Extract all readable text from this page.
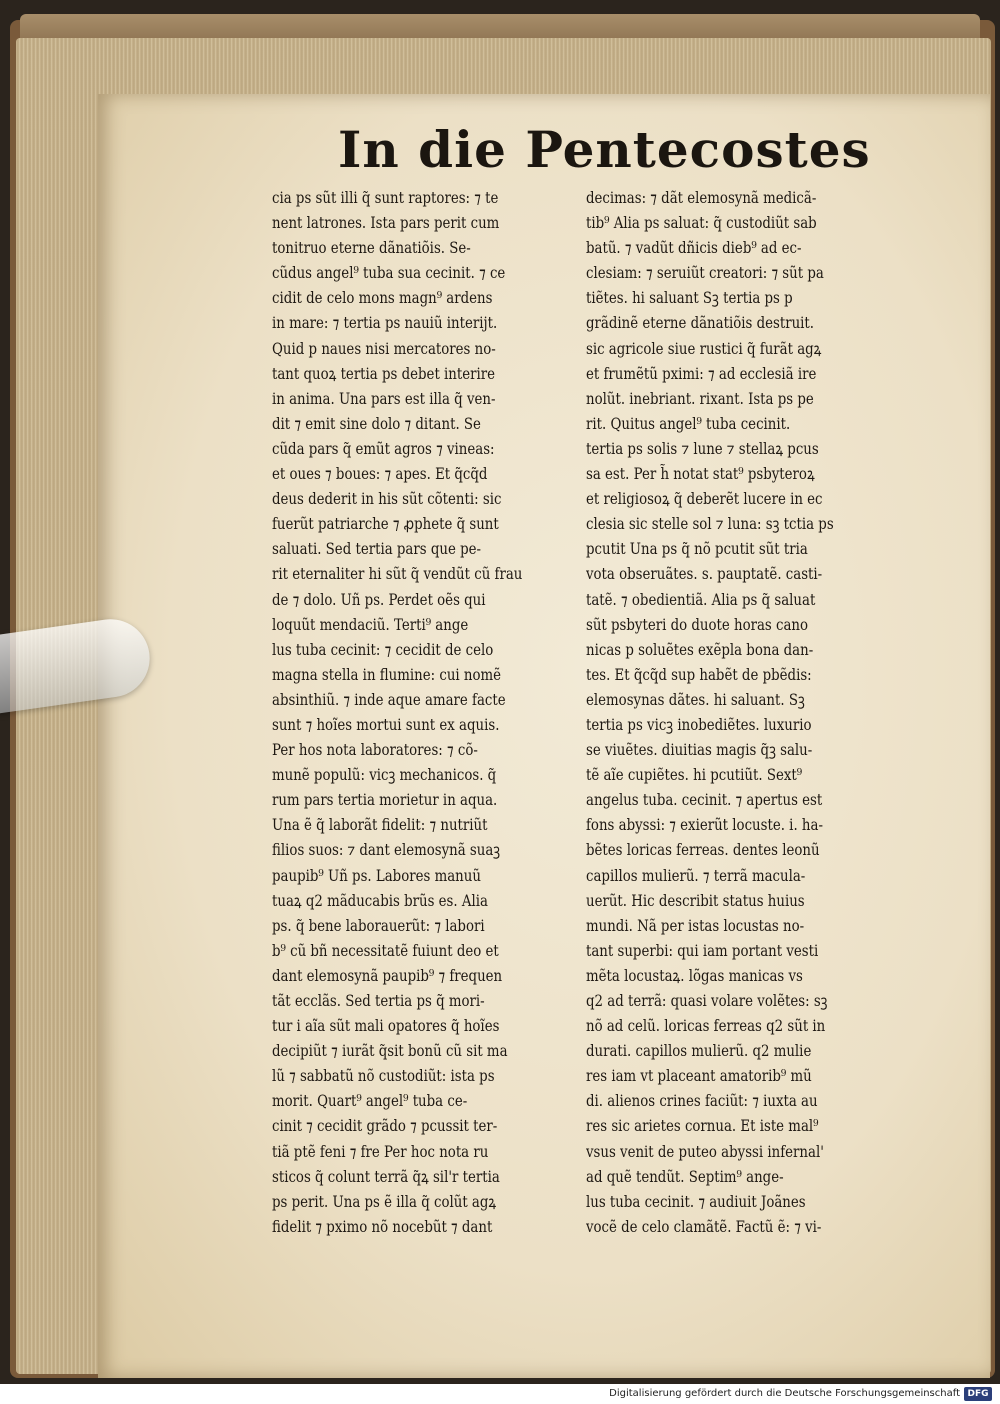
In die Pentecostes
cia ps sũt illi q̃ sunt raptores: ⁊ te
nent latrones. Ista pars perit cum
tonitruo eterne dãnatiõis. Se-
cũdus angel⁹ tuba sua cecinit. ⁊ ce
cidit de celo mons magn⁹ ardens
in mare: ⁊ tertia ps nauiũ interijt.
Quid p naues nisi mercatores no-
tant quoꝝ tertia ps debet interire
in anima. Una pars est illa q̃ ven-
dit ⁊ emit sine dolo ⁊ ditant. Se
cũda pars q̃ emũt agros ⁊ vineas:
et oues ⁊ boues: ⁊ apes. Et q̃cq̃d
deus dederit in his sũt cõtenti: sic
fuerũt patriarche ⁊ ꝓphete q̃ sunt
saluati. Sed tertia pars que pe-
rit eternaliter hi sũt q̃ vendũt cũ frau
de ⁊ dolo. Uñ ps. Perdet oẽs qui
loquũt mendaciũ. Terti⁹ ange
lus tuba cecinit: ⁊ cecidit de celo
magna stella in flumine: cui nomẽ
absinthiũ. ⁊ inde aque amare facte
sunt ⁊ hoĩes mortui sunt ex aquis.
Per hos nota laboratores: ⁊ cõ-
munẽ populũ: vicꝫ mechanicos. q̃
rum pars tertia morietur in aqua.
Una ẽ q̃ laborãt fidelit: ⁊ nutriũt
filios suos: ⁊ dant elemosynã suaꝫ
paupib⁹ Uñ ps. Labores manuũ
tuaꝝ q2 mãducabis brũs es. Alia
ps. q̃ bene laborauerũt: ⁊ labori
b⁹ cũ bñ necessitatẽ fuiunt deo et
dant elemosynã paupib⁹ ⁊ frequen
tãt ecclãs. Sed tertia ps q̃ mori-
tur i aĩa sũt mali opatores q̃ hoĩes
decipiũt ⁊ iurãt q̃sit bonũ cũ sit ma
lũ ⁊ sabbatũ nõ custodiũt: ista ps
morit. Quart⁹ angel⁹ tuba ce-
cinit ⁊ cecidit grãdo ⁊ pcussit ter-
tiã ptẽ feni ⁊ fre Per hoc nota ru
sticos q̃ colunt terrã q̃ꝝ sil'r tertia
ps perit. Una ps ẽ illa q̃ colũt agꝝ
fidelit ⁊ pximo nõ nocebũt ⁊ dant
decimas: ⁊ dãt elemosynã medicã-
tib⁹ Alia ps saluat: q̃ custodiũt sab
batũ. ⁊ vadũt dñicis dieb⁹ ad ec-
clesiam: ⁊ seruiũt creatori: ⁊ sũt pa
tiẽtes. hi saluant Sꝫ tertia ps p
grãdinẽ eterne dãnatiõis destruit.
sic agricole siue rustici q̃ furãt agꝝ
et frumẽtũ pximi: ⁊ ad ecclesiã ire
nolũt. inebriant. rixant. Ista ps pe
rit. Quitus angel⁹ tuba cecinit.
tertia ps solis ⁊ lune ⁊ stellaꝝ pcus
sa est. Per h̃ notat stat⁹ psbyteroꝝ
et religiosoꝝ q̃ deberẽt lucere in ec
clesia sic stelle sol ⁊ luna: sꝫ tctia ps
pcutit Una ps q̃ nõ pcutit sũt tria
vota obseruãtes. s. pauptatẽ. casti-
tatẽ. ⁊ obedientiã. Alia ps q̃ saluat
sũt psbyteri do duote horas cano
nicas p soluẽtes exẽpla bona dan-
tes. Et q̃cq̃d sup habẽt de pbẽdis:
elemosynas dãtes. hi saluant. Sꝫ
tertia ps vicꝫ inobediẽtes. luxurio
se viuẽtes. diuitias magis q̃ꝫ salu-
tẽ aĩe cupiẽtes. hi pcutiũt. Sext⁹
angelus tuba. cecinit. ⁊ apertus est
fons abyssi: ⁊ exierũt locuste. i. ha-
bẽtes loricas ferreas. dentes leonũ
capillos mulierũ. ⁊ terrã macula-
uerũt. Hic describit status huius
mundi. Nã per istas locustas no-
tant superbi: qui iam portant vesti
mẽta locustaꝝ. lõgas manicas vs
q2 ad terrã: quasi volare volẽtes: sꝫ
nõ ad celũ. loricas ferreas q2 sũt in
durati. capillos mulierũ. q2 mulie
res iam vt placeant amatorib⁹ mũ
di. alienos crines faciũt: ⁊ iuxta au
res sic arietes cornua. Et iste mal⁹
vsus venit de puteo abyssi infernal'
ad quẽ tendũt. Septim⁹ ange-
lus tuba cecinit. ⁊ audiuit Joãnes
vocẽ de celo clamãtẽ. Factũ ẽ: ⁊ vi-
Digitalisierung gefördert durch die Deutsche Forschungsgemeinschaft DFG
